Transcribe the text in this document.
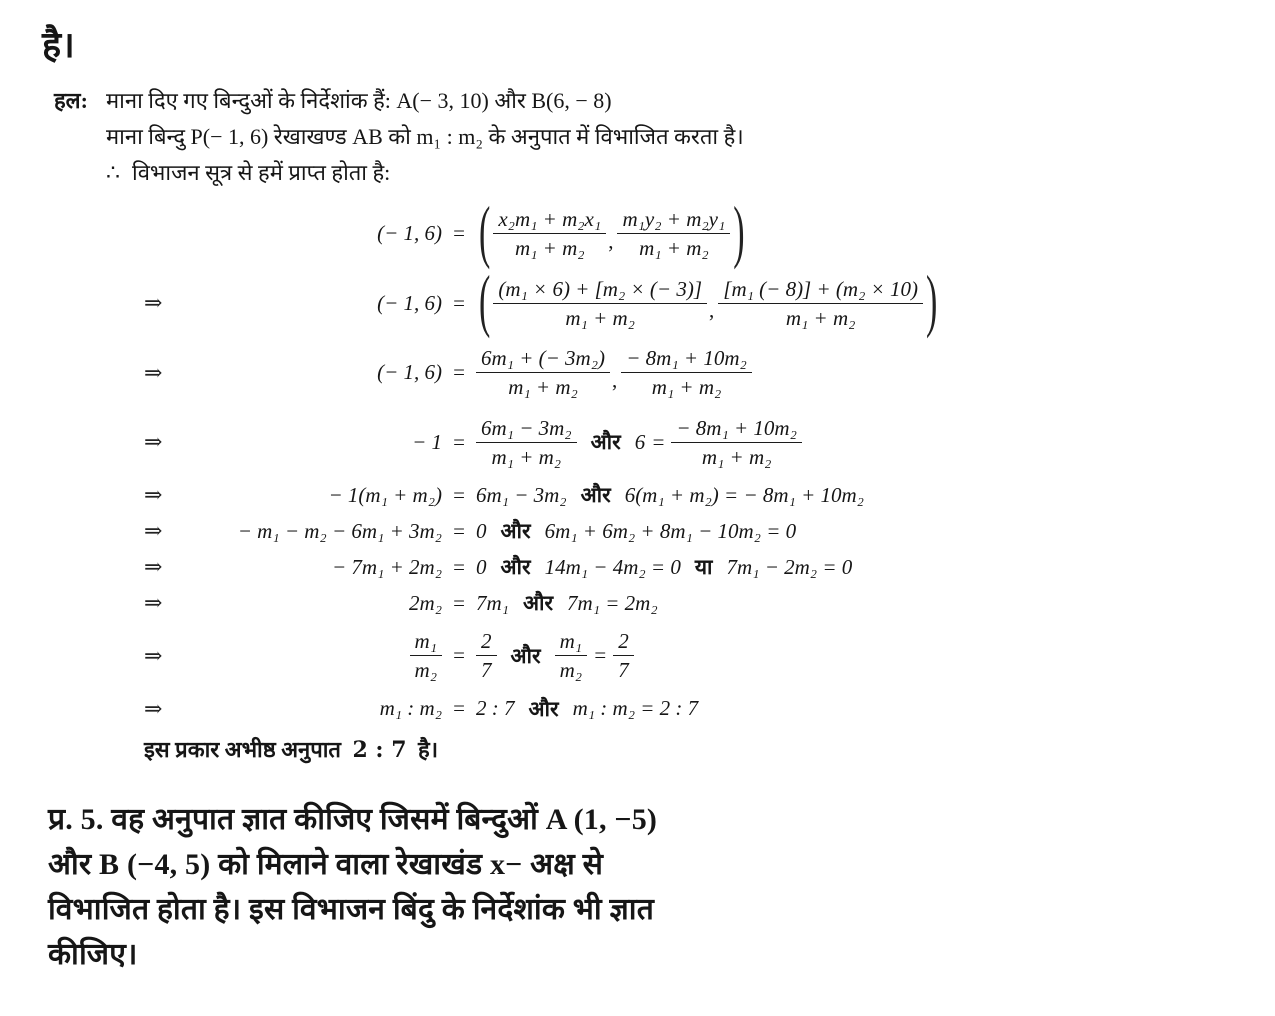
है।
हल: माना दिए गए बिन्दुओं के निर्देशांक हैं: A(− 3, 10) और B(6, − 8)
माना बिन्दु P(− 1, 6) रेखाखण्ड AB को m₁ : m₂ के अनुपात में विभाजित करता है।
∴ विभाजन सूत्र से हमें प्राप्त होता है:
(− 1, 6) = ( $\frac{\text{x₂m₁ + m₂x₁}}{\text{m₁ + m₂}}$ , $\frac{\text{m₁y₂ + m₂y₁}}{\text{m₁ + m₂}}$ )
⇒	(− 1, 6) = ( $\frac{\text{(m₁ × 6) + [m₂ × (− 3)]}}{\text{m₁ + m₂}}$ , $\frac{\text{[m₁ (− 8)] + (m₂ × 10)}}{\text{m₁ + m₂}}$ )
⇒	(− 1, $6) = \frac{\text{6m₁ + (− 3m₂)}}{\text{m₁ + m₂}}$ , $\frac{\text{− 8m₁ + 10m₂}}{\text{m₁ + m₂}}$
⇒	− $1 = \frac{\text{6m₁ − 3m₂}}{\text{m₁ + m₂}}$ और $6 = \frac{\text{− 8m₁ + 10m₂}}{\text{m₁ + m₂}}$
⇒	− 1(m₁ + m₂) = 6m₁ − 3m₂ और 6(m₁ + m₂) = − 8m₁ + 10m₂
⇒	− m₁ − m₂ − 6m₁ + 3m₂ = 0 और 6m₁ + 6m₂ + 8m₁ − 10m₂ = 0
⇒	− 7m₁ + 2m₂ = 0 और 14m₁ − 4m₂ = 0 या 7m₁ − 2m₂ = 0
⇒	2m₂ = 7m₁ और 7m₁ = 2m₂
⇒	$\frac{\text{m₁}}{\text{m₂}} = \frac{2}{7}$ और $\frac{\text{m₁}}{\text{m₂}} = \frac{2}{7}$
⇒	m₁ : m₂ = 2 : 7 और m₁ : m₂ = 2 : 7
इस प्रकार अभीष्ठ अनुपात 2 : 7 है।
प्र. 5. वह अनुपात ज्ञात कीजिए जिसमें बिन्दुओं A (1, −5)
और B (−4, 5) को मिलाने वाला रेखाखंड x− अक्ष से
विभाजित होता है। इस विभाजन बिंदु के निर्देशांक भी ज्ञात
कीजिए।
